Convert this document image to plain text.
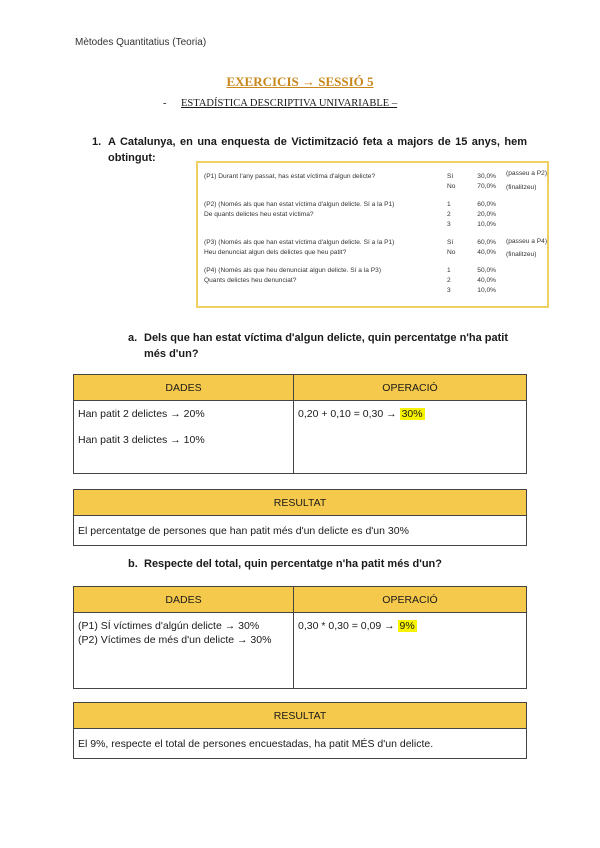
Mètodes Quantitatius (Teoria)
EXERCICIS → SESSIÓ 5
- ESTADÍSTICA DESCRIPTIVA UNIVARIABLE –
1. A Catalunya, en una enquesta de Victimització feta a majors de 15 anys, hem obtingut:
(P1) Durant l'any passat, has estat víctima d'algun delicte?	Sí	30,0% (passeu a P2)
No	70,0% (finalitzeu)
(P2) (Només als que han estat víctima d'algun delicte. Sí a la P1)
De quants delictes heu estat víctima?
1	60,0%
2	20,0%
3	10,0%
(P3) (Només als que han estat víctima d'algun delicte. Sí a la P1)
Heu denunciat algun dels delictes que heu patit?
Sí	60,0% (passeu a P4)
No	40,0% (finalitzeu)
(P4) (Només als que heu denunciat algun delicte. Sí a la P3)
Quants delictes heu denunciat?
1	50,0%
2	40,0%
3	10,0%
a. Dels que han estat víctima d'algun delicte, quin percentatge n'ha patit més d'un?
DADES	OPERACIÓ

Han patit 2 delictes → 20%
Han patit 3 delictes → 10%	0,20 + 0,10 = 0,30 → 30%
RESULTAT
El percentatge de persones que han patit més d'un delicte es d'un 30%
b. Respecte del total, quin percentatge n'ha patit més d'un?
DADES	OPERACIÓ

(P1) SÍ víctimes d'algún delicte → 30%
(P2) Víctimes de més d'un delicte → 30%	0,30 * 0,30 = 0,09 → 9%
RESULTAT
El 9%, respecte el total de persones encuestadas, ha patit MÉS d'un delicte.
